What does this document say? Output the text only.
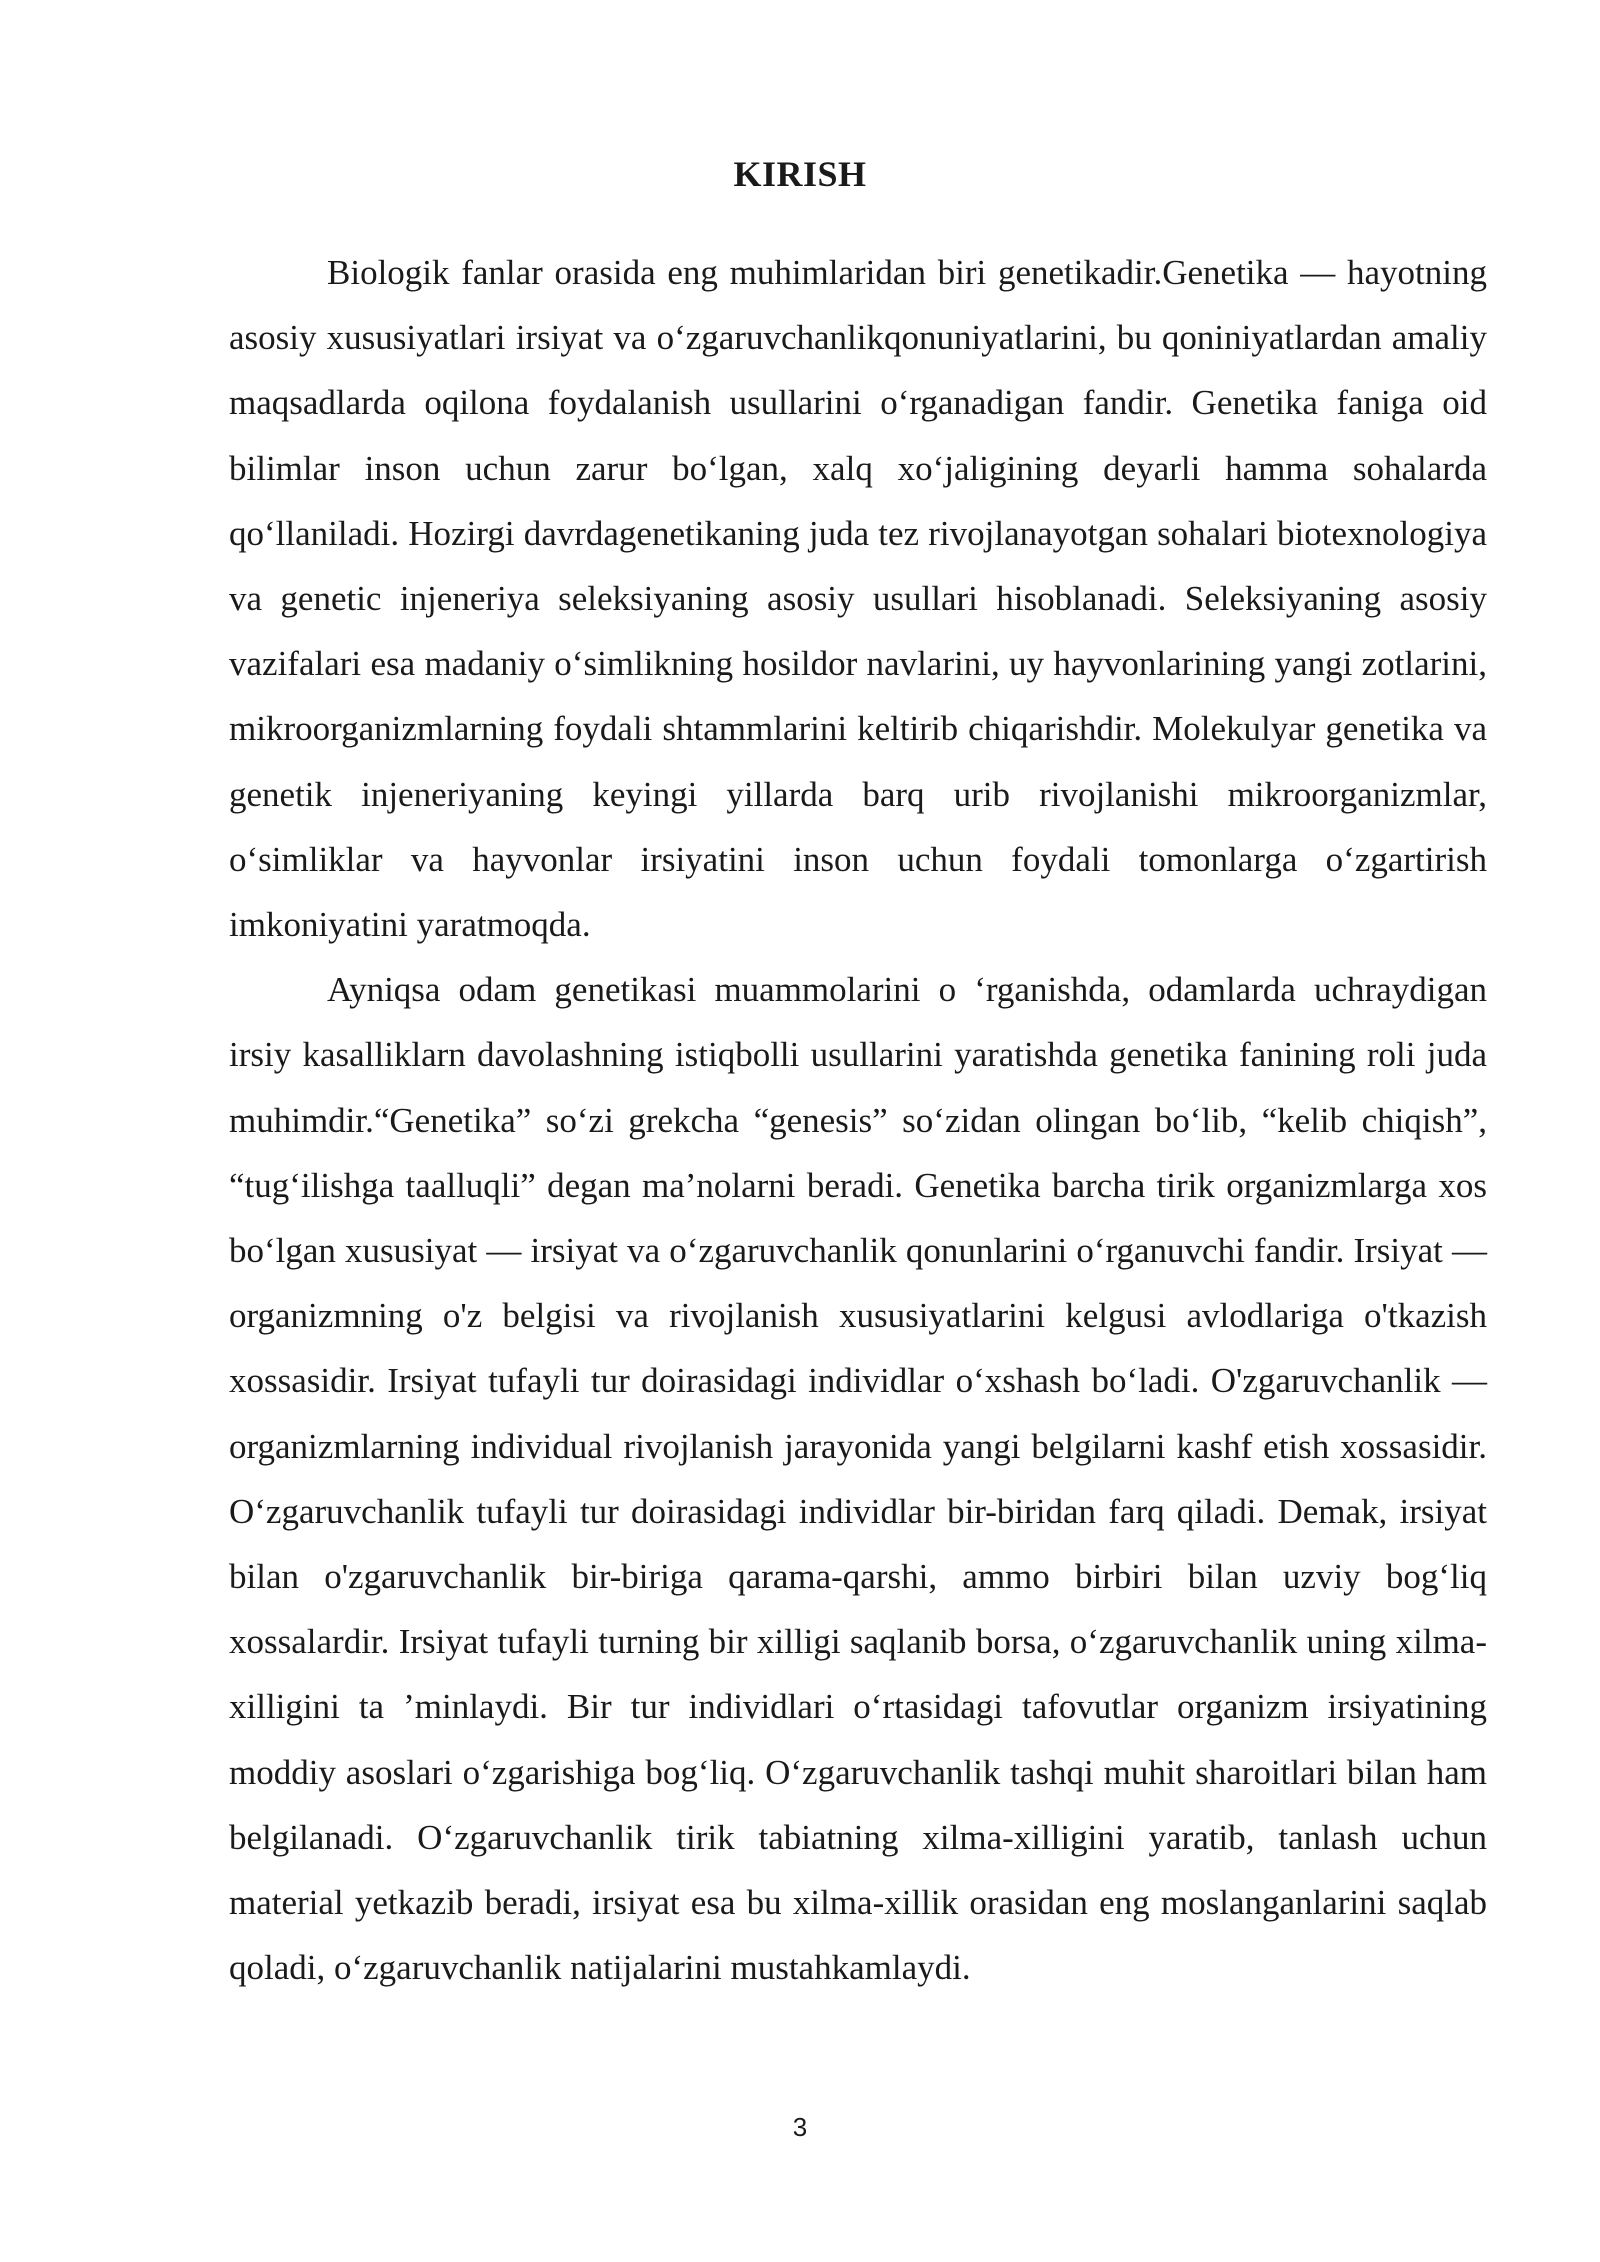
KIRISH

Biologik fanlar orasida eng muhimlaridan biri genetikadir.Genetika — hayotning asosiy xususiyatlari irsiyat va o‘zgaruvchanlikqonuniyatlarini, bu qoniniyatlardan amaliy maqsadlarda oqilona foydalanish usullarini o‘rganadigan fandir. Genetika faniga oid bilimlar inson uchun zarur bo‘lgan, xalq xo‘jaligining deyarli hamma sohalarda qo‘llaniladi. Hozirgi davrdagenetikaning juda tez rivojlanayotgan sohalari biotexnologiya va genetic injeneriya seleksiyaning asosiy usullari hisoblanadi. Seleksiyaning asosiy vazifalari esa madaniy o‘simlikning hosildor navlarini, uy hayvonlarining yangi zotlarini, mikroorganizmlarning foydali shtammlarini keltirib chiqarishdir. Molekulyar genetika va genetik injeneriyaning keyingi yillarda barq urib rivojlanishi mikroorganizmlar, o‘simliklar va hayvonlar irsiyatini inson uchun foydali tomonlarga o‘zgartirish imkoniyatini yaratmoqda.

Ayniqsa odam genetikasi muammolarini o ‘rganishda, odamlarda uchraydigan irsiy kasalliklarn davolashning istiqbolli usullarini yaratishda genetika fanining roli juda muhimdir.“Genetika” so‘zi grekcha “genesis” so‘zidan olingan bo‘lib, “kelib chiqish”, “tug‘ilishga taalluqli” degan ma’nolarni beradi. Genetika barcha tirik organizmlarga xos bo‘lgan xususiyat — irsiyat va o‘zgaruvchanlik qonunlarini o‘rganuvchi fandir. Irsiyat — organizmning o'z belgisi va rivojlanish xususiyatlarini kelgusi avlodlariga o'tkazish xossasidir. Irsiyat tufayli tur doirasidagi individlar o‘xshash bo‘ladi. O'zgaruvchanlik — organizmlarning individual rivojlanish jarayonida yangi belgilarni kashf etish xossasidir. O‘zgaruvchanlik tufayli tur doirasidagi individlar bir-biridan farq qiladi. Demak, irsiyat bilan o'zgaruvchanlik bir-biriga qarama-qarshi, ammo birbiri bilan uzviy bog‘liq xossalardir. Irsiyat tufayli turning bir xilligi saqlanib borsa, o‘zgaruvchanlik uning xilma-xilligini ta ’minlaydi. Bir tur individlari o‘rtasidagi tafovutlar organizm irsiyatining moddiy asoslari o‘zgarishiga bog‘liq. O‘zgaruvchanlik tashqi muhit sharoitlari bilan ham belgilanadi. O‘zgaruvchanlik tirik tabiatning xilma-xilligini yaratib, tanlash uchun material yetkazib beradi, irsiyat esa bu xilma-xillik orasidan eng moslanganlarini saqlab qoladi, o‘zgaruvchanlik natijalarini mustahkamlaydi.

3
